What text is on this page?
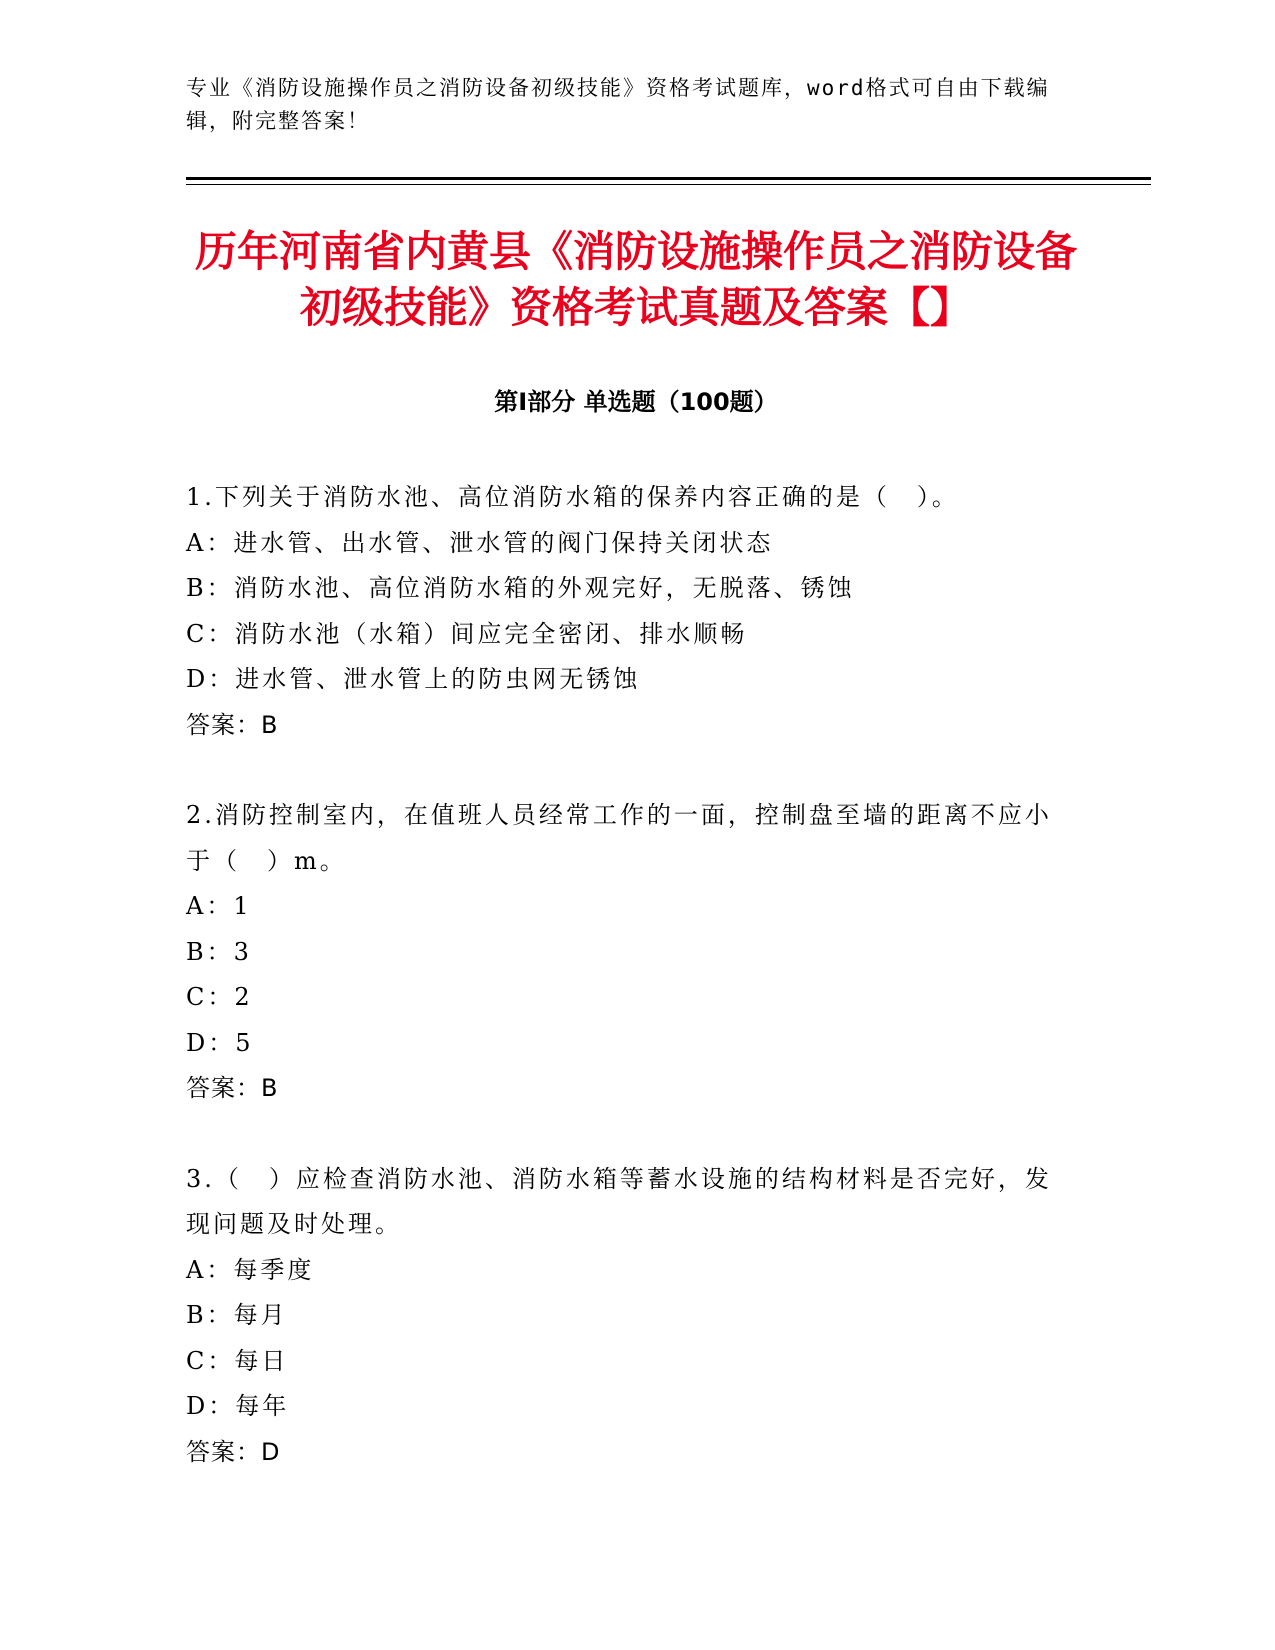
专业《消防设施操作员之消防设备初级技能》资格考试题库，word格式可自由下载编辑，附完整答案！
历年河南省内黄县《消防设施操作员之消防设备初级技能》资格考试真题及答案【】
第Ⅰ部分 单选题（100题）

1.下列关于消防水池、高位消防水箱的保养内容正确的是（　）。

A：进水管、出水管、泄水管的阀门保持关闭状态

B：消防水池、高位消防水箱的外观完好，无脱落、锈蚀

C：消防水池（水箱）间应完全密闭、排水顺畅

D：进水管、泄水管上的防虫网无锈蚀

答案：B

2.消防控制室内，在值班人员经常工作的一面，控制盘至墙的距离不应小于（　）m。

A：1

B：3

C：2

D：5

答案：B

3.（　）应检查消防水池、消防水箱等蓄水设施的结构材料是否完好，发现问题及时处理。

A：每季度

B：每月

C：每日

D：每年

答案：D
